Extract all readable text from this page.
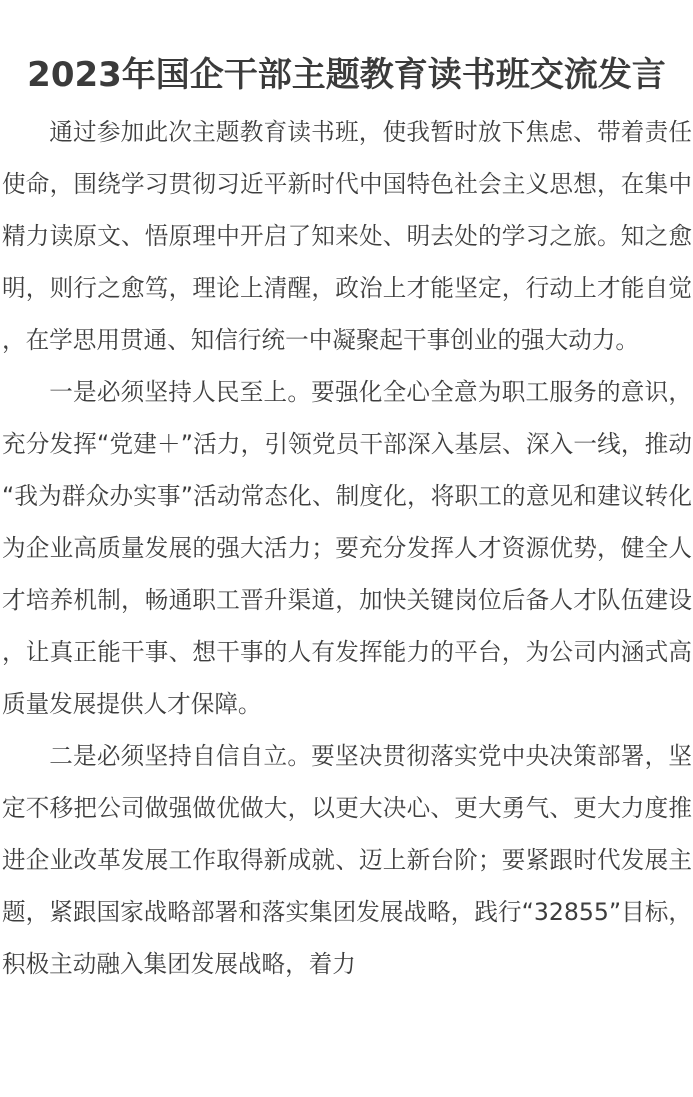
2023年国企干部主题教育读书班交流发言

通过参加此次主题教育读书班，使我暂时放下焦虑、带着责任使命，围绕学习贯彻习近平新时代中国特色社会主义思想，在集中精力读原文、悟原理中开启了知来处、明去处的学习之旅。知之愈明，则行之愈笃，理论上清醒，政治上才能坚定，行动上才能自觉，在学思用贯通、知信行统一中凝聚起干事创业的强大动力。

一是必须坚持人民至上。要强化全心全意为职工服务的意识，充分发挥“党建＋”活力，引领党员干部深入基层、深入一线，推动“我为群众办实事”活动常态化、制度化，将职工的意见和建议转化为企业高质量发展的强大活力；要充分发挥人才资源优势，健全人才培养机制，畅通职工晋升渠道，加快关键岗位后备人才队伍建设，让真正能干事、想干事的人有发挥能力的平台，为公司内涵式高质量发展提供人才保障。

二是必须坚持自信自立。要坚决贯彻落实党中央决策部署，坚定不移把公司做强做优做大，以更大决心、更大勇气、更大力度推进企业改革发展工作取得新成就、迈上新台阶；要紧跟时代发展主题，紧跟国家战略部署和落实集团发展战略，践行“32855”目标，积极主动融入集团发展战略，着力
